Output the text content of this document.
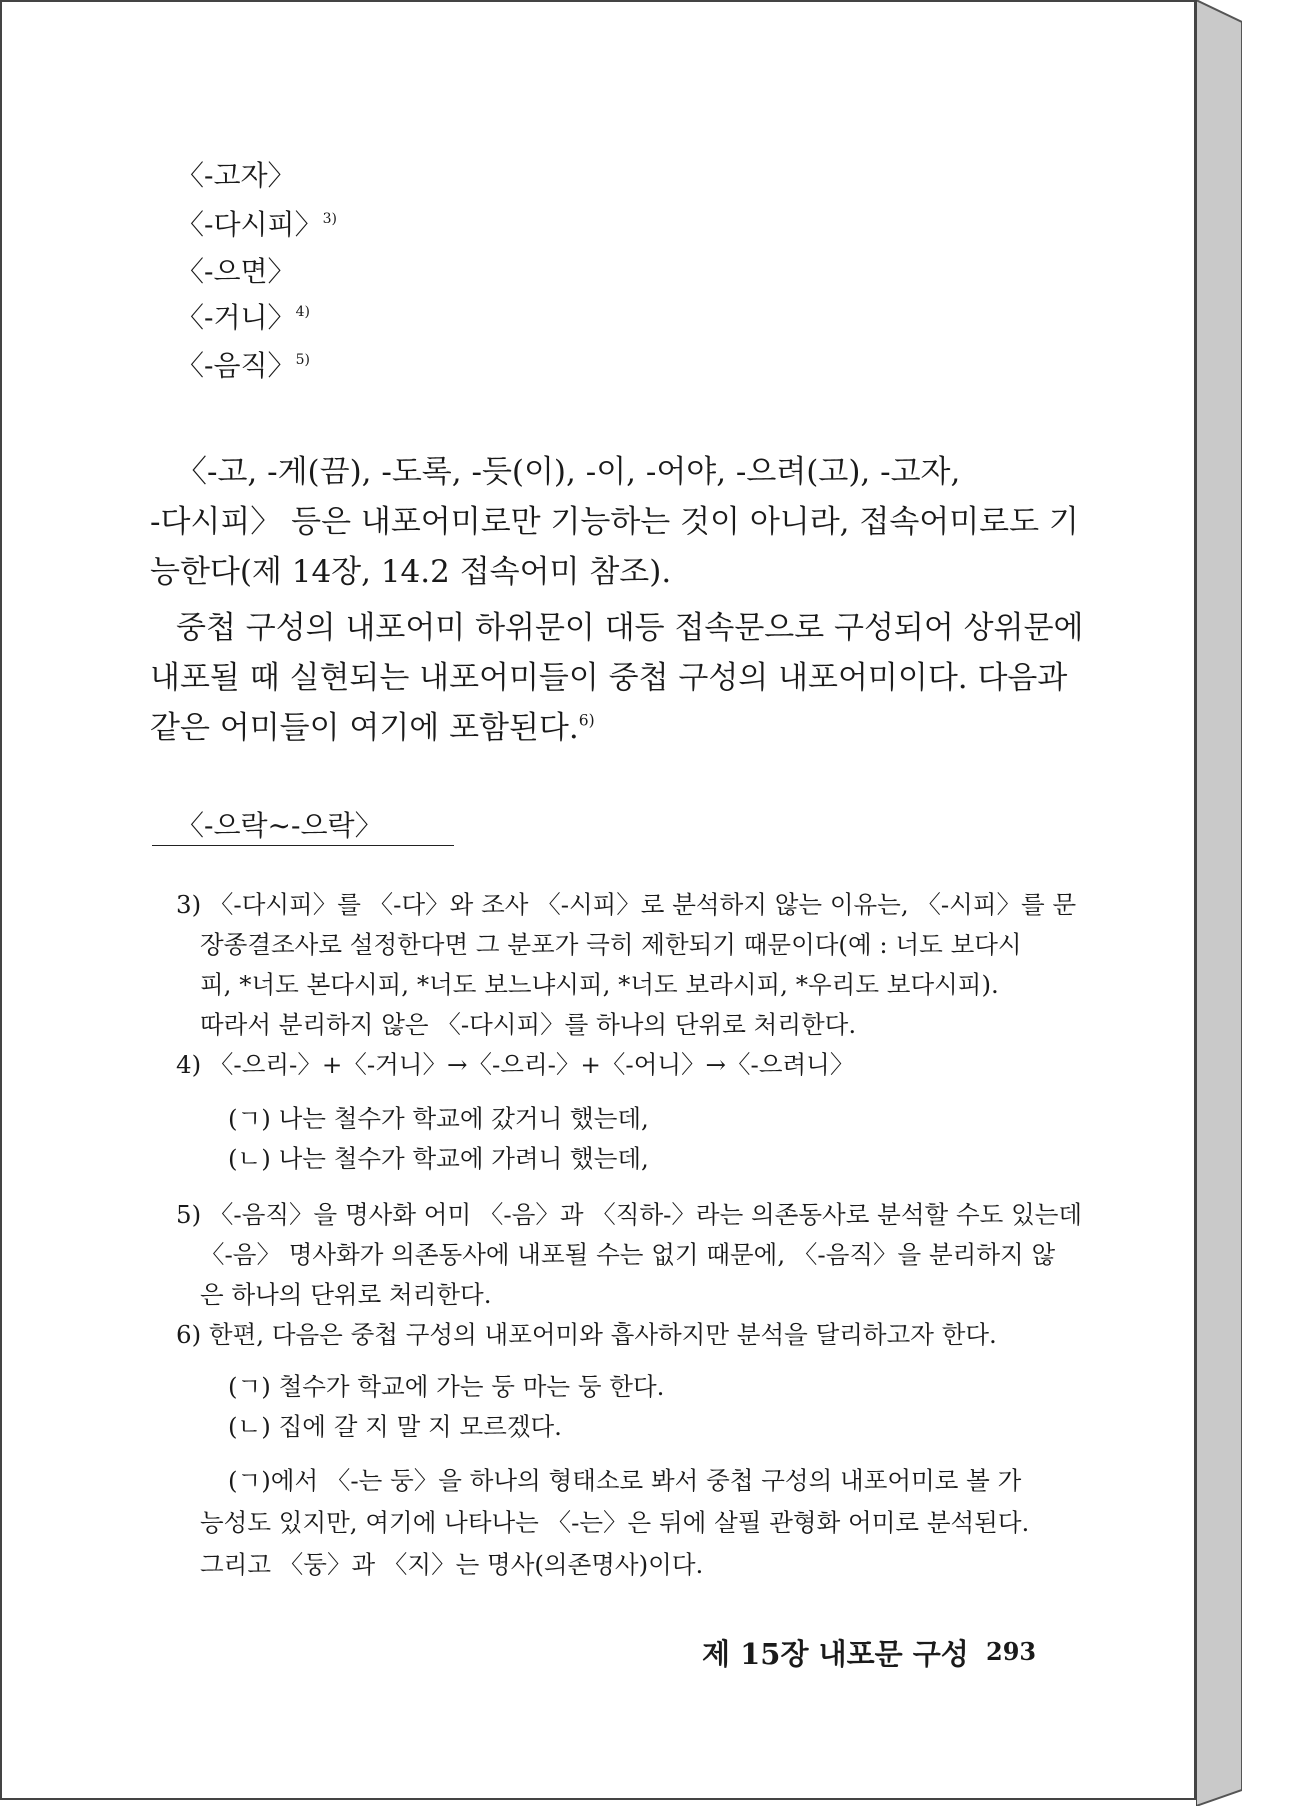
〈-고자〉
〈-다시피〉$^{3)}$
〈-으면〉
〈-거니〉$^{4)}$
〈-음직〉$^{5)}$
〈-고, -게(끔), -도록, -듯(이), -이, -어야, -으려(고), -고자,
-다시피〉 등은 내포어미로만 기능하는 것이 아니라, 접속어미로도 기
능한다(제 14장, 14.2 접속어미 참조).
중첩 구성의 내포어미 하위문이 대등 접속문으로 구성되어 상위문에
내포될 때 실현되는 내포어미들이 중첩 구성의 내포어미이다. 다음과
같은 어미들이 여기에 포함된다.$^{6)}$
〈-으락∼-으락〉
3) 〈-다시피〉를 〈-다〉와 조사 〈-시피〉로 분석하지 않는 이유는, 〈-시피〉를 문
장종결조사로 설정한다면 그 분포가 극히 제한되기 때문이다(예 : 너도 보다시
피, *너도 본다시피, *너도 보느냐시피, *너도 보라시피, *우리도 보다시피).
따라서 분리하지 않은 〈-다시피〉를 하나의 단위로 처리한다.
4) 〈-으리-〉+〈-거니〉→〈-으리-〉+〈-어니〉→〈-으려니〉
(ㄱ) 나는 철수가 학교에 갔거니 했는데,
(ㄴ) 나는 철수가 학교에 가려니 했는데,
5) 〈-음직〉을 명사화 어미 〈-음〉과 〈직하-〉라는 의존동사로 분석할 수도 있는데
〈-음〉 명사화가 의존동사에 내포될 수는 없기 때문에, 〈-음직〉을 분리하지 않
은 하나의 단위로 처리한다.
6) 한편, 다음은 중첩 구성의 내포어미와 흡사하지만 분석을 달리하고자 한다.
(ㄱ) 철수가 학교에 가는 둥 마는 둥 한다.
(ㄴ) 집에 갈 지 말 지 모르겠다.
(ㄱ)에서 〈-는 둥〉을 하나의 형태소로 봐서 중첩 구성의 내포어미로 볼 가
능성도 있지만, 여기에 나타나는 〈-는〉은 뒤에 살필 관형화 어미로 분석된다.
그리고 〈둥〉과 〈지〉는 명사(의존명사)이다.
제 15장 내포문 구성 293
